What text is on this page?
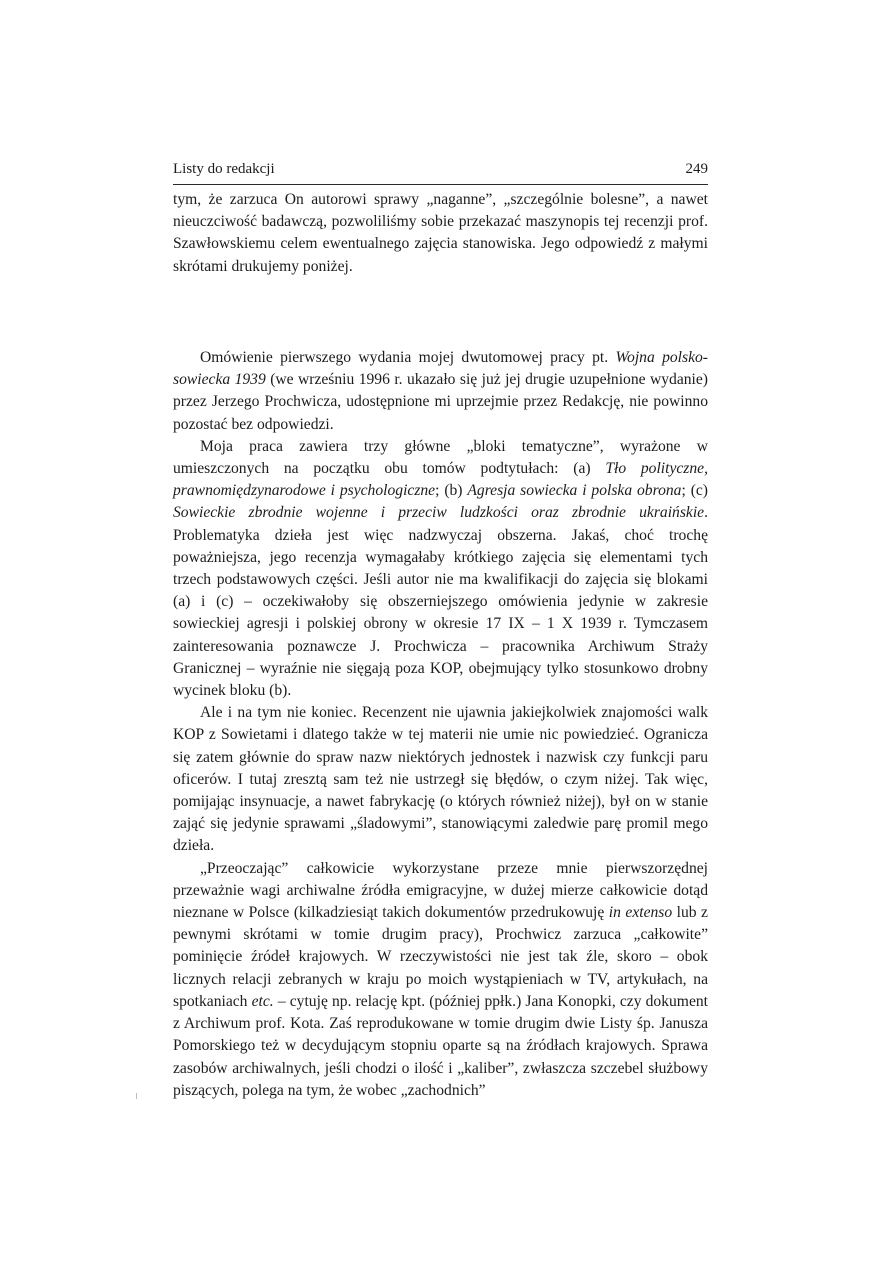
Listy do redakcji	249

tym, że zarzuca On autorowi sprawy „naganne”, „szczególnie bolesne”, a nawet nieuczciwość badawczą, pozwoliliśmy sobie przekazać maszynopis tej recenzji prof. Szawłowskiemu celem ewentualnego zajęcia stanowiska. Jego odpowiedź z małymi skrótami drukujemy poniżej.

Omówienie pierwszego wydania mojej dwutomowej pracy pt. Wojna polsko-sowiecka 1939 (we wrześniu 1996 r. ukazało się już jej drugie uzupełnione wydanie) przez Jerzego Prochwicza, udostępnione mi uprzejmie przez Redakcję, nie powinno pozostać bez odpowiedzi.

Moja praca zawiera trzy główne „bloki tematyczne”, wyrażone w umieszczonych na początku obu tomów podtytułach: (a) Tło polityczne, prawnomiędzynarodowe i psychologiczne; (b) Agresja sowiecka i polska obrona; (c) Sowieckie zbrodnie wojenne i przeciw ludzkości oraz zbrodnie ukraińskie. Problematyka dzieła jest więc nadzwyczaj obszerna. Jakaś, choć trochę poważniejsza, jego recenzja wymagałaby krótkiego zajęcia się elementami tych trzech podstawowych części. Jeśli autor nie ma kwalifikacji do zajęcia się blokami (a) i (c) – oczekiwałoby się obszerniejszego omówienia jedynie w zakresie sowieckiej agresji i polskiej obrony w okresie 17 IX – 1 X 1939 r. Tymczasem zainteresowania poznawcze J. Prochwicza – pracownika Archiwum Straży Granicznej – wyraźnie nie sięgają poza KOP, obejmujący tylko stosunkowo drobny wycinek bloku (b).

Ale i na tym nie koniec. Recenzent nie ujawnia jakiejkolwiek znajomości walk KOP z Sowietami i dlatego także w tej materii nie umie nic powiedzieć. Ogranicza się zatem głównie do spraw nazw niektórych jednostek i nazwisk czy funkcji paru oficerów. I tutaj zresztą sam też nie ustrzegł się błędów, o czym niżej. Tak więc, pomijając insynuacje, a nawet fabrykację (o których również niżej), był on w stanie zająć się jedynie sprawami „śladowymi”, stanowiącymi zaledwie parę promil mego dzieła.

„Przeoczając” całkowicie wykorzystane przeze mnie pierwszorzędnej przeważnie wagi archiwalne źródła emigracyjne, w dużej mierze całkowicie dotąd nieznane w Polsce (kilkadziesiąt takich dokumentów przedrukowuję in extenso lub z pewnymi skrótami w tomie drugim pracy), Prochwicz zarzuca „całkowite” pominięcie źródeł krajowych. W rzeczywistości nie jest tak źle, skoro – obok licznych relacji zebranych w kraju po moich wystąpieniach w TV, artykułach, na spotkaniach etc. – cytuję np. relację kpt. (później ppłk.) Jana Konopki, czy dokument z Archiwum prof. Kota. Zaś reprodukowane w tomie drugim dwie Listy śp. Janusza Pomorskiego też w decydującym stopniu oparte są na źródłach krajowych. Sprawa zasobów archiwalnych, jeśli chodzi o ilość i „kaliber”, zwłaszcza szczebel służbowy piszących, polega na tym, że wobec „zachodnich”
